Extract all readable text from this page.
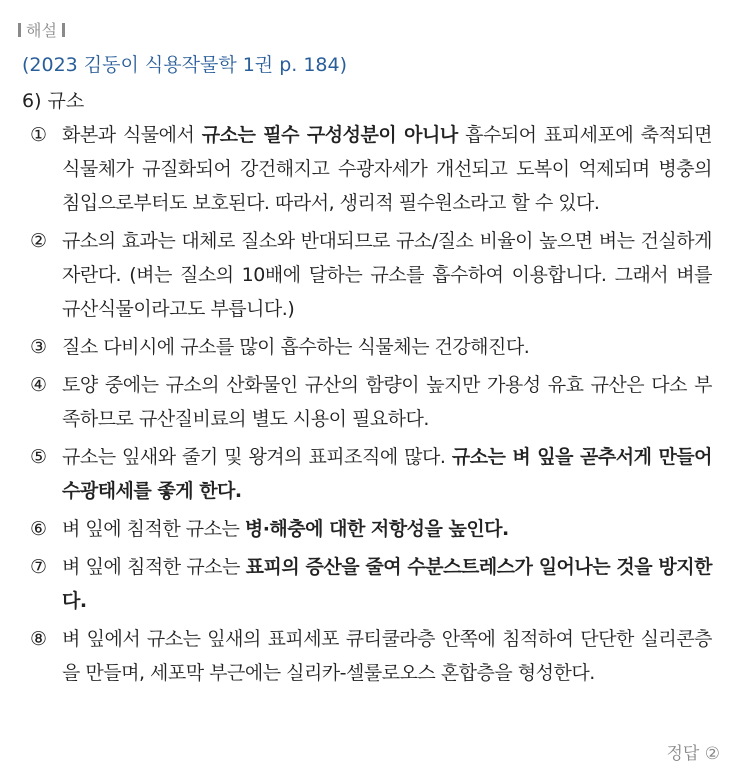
해설
(2023 김동이 식용작물학 1권 p. 184)
6) 규소
① 화본과 식물에서 규소는 필수 구성성분이 아니나 흡수되어 표피세포에 축적되면 식물체가 규질화되어 강건해지고 수광자세가 개선되고 도복이 억제되며 병충의 침입으로부터도 보호된다. 따라서, 생리적 필수원소라고 할 수 있다.
② 규소의 효과는 대체로 질소와 반대되므로 규소/질소 비율이 높으면 벼는 건실하게 자란다. (벼는 질소의 10배에 달하는 규소를 흡수하여 이용합니다. 그래서 벼를 규산식물이라고도 부릅니다.)
③ 질소 다비시에 규소를 많이 흡수하는 식물체는 건강해진다.
④ 토양 중에는 규소의 산화물인 규산의 함량이 높지만 가용성 유효 규산은 다소 부족하므로 규산질비료의 별도 시용이 필요하다.
⑤ 규소는 잎새와 줄기 및 왕겨의 표피조직에 많다. 규소는 벼 잎을 곧추서게 만들어 수광태세를 좋게 한다.
⑥ 벼 잎에 침적한 규소는 병·해충에 대한 저항성을 높인다.
⑦ 벼 잎에 침적한 규소는 표피의 증산을 줄여 수분스트레스가 일어나는 것을 방지한다.
⑧ 벼 잎에서 규소는 잎새의 표피세포 큐티쿨라층 안쪽에 침적하여 단단한 실리콘층을 만들며, 세포막 부근에는 실리카-셀룰로오스 혼합층을 형성한다.
정답 ②
